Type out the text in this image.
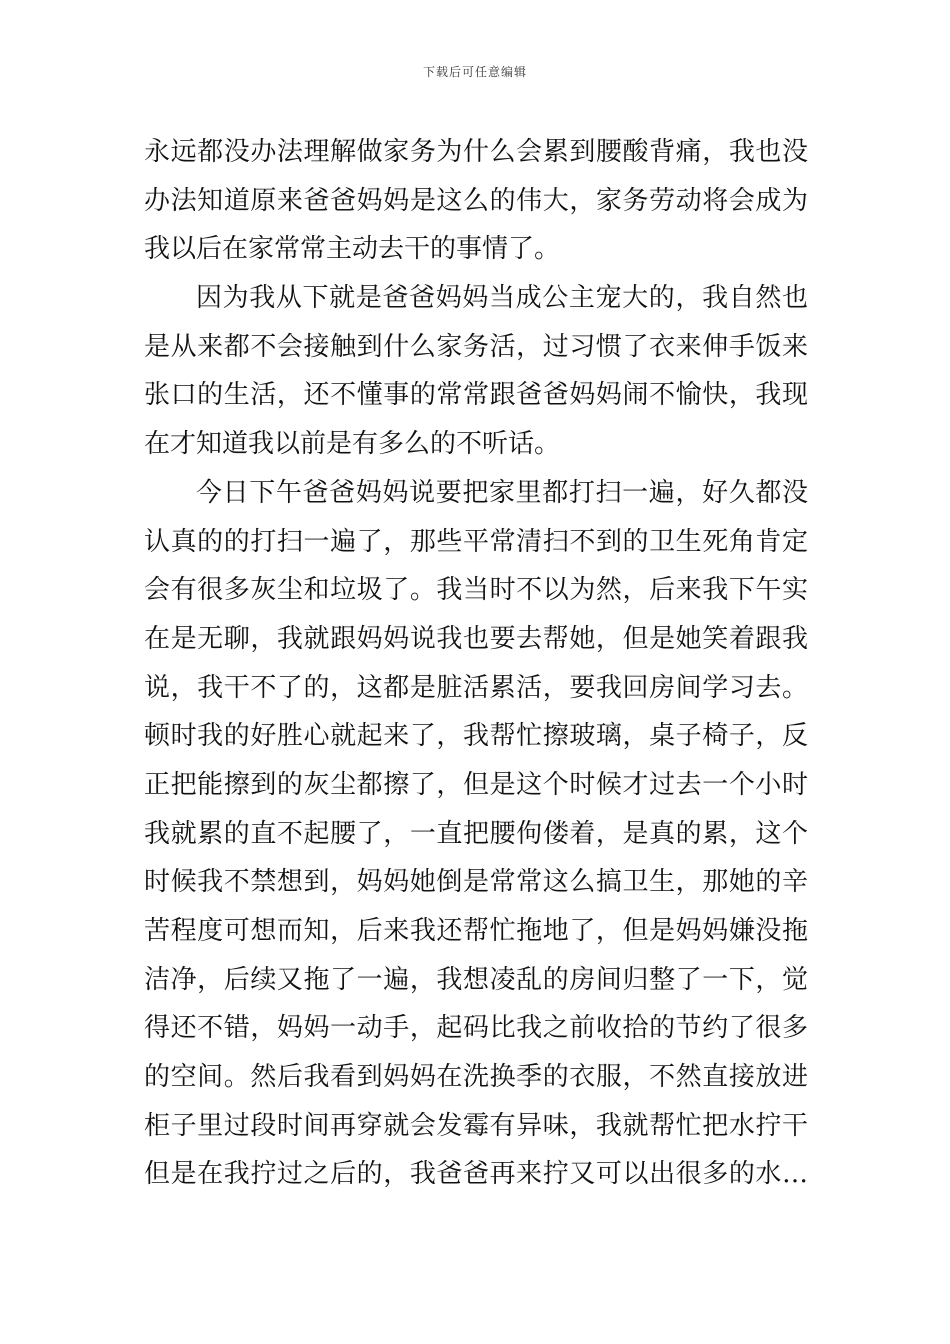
下载后可任意编辑
永远都没办法理解做家务为什么会累到腰酸背痛，我也没
办法知道原来爸爸妈妈是这么的伟大，家务劳动将会成为
我以后在家常常主动去干的事情了。
因为我从下就是爸爸妈妈当成公主宠大的，我自然也
是从来都不会接触到什么家务活，过习惯了衣来伸手饭来
张口的生活，还不懂事的常常跟爸爸妈妈闹不愉快，我现
在才知道我以前是有多么的不听话。
今日下午爸爸妈妈说要把家里都打扫一遍，好久都没
认真的的打扫一遍了，那些平常清扫不到的卫生死角肯定
会有很多灰尘和垃圾了。我当时不以为然，后来我下午实
在是无聊，我就跟妈妈说我也要去帮她，但是她笑着跟我
说，我干不了的，这都是脏活累活，要我回房间学习去。
顿时我的好胜心就起来了，我帮忙擦玻璃，桌子椅子，反
正把能擦到的灰尘都擦了，但是这个时候才过去一个小时
我就累的直不起腰了，一直把腰佝偻着，是真的累，这个
时候我不禁想到，妈妈她倒是常常这么搞卫生，那她的辛
苦程度可想而知，后来我还帮忙拖地了，但是妈妈嫌没拖
洁净，后续又拖了一遍，我想凌乱的房间归整了一下，觉
得还不错，妈妈一动手，起码比我之前收拾的节约了很多
的空间。然后我看到妈妈在洗换季的衣服，不然直接放进
柜子里过段时间再穿就会发霉有异味，我就帮忙把水拧干
但是在我拧过之后的，我爸爸再来拧又可以出很多的水…
